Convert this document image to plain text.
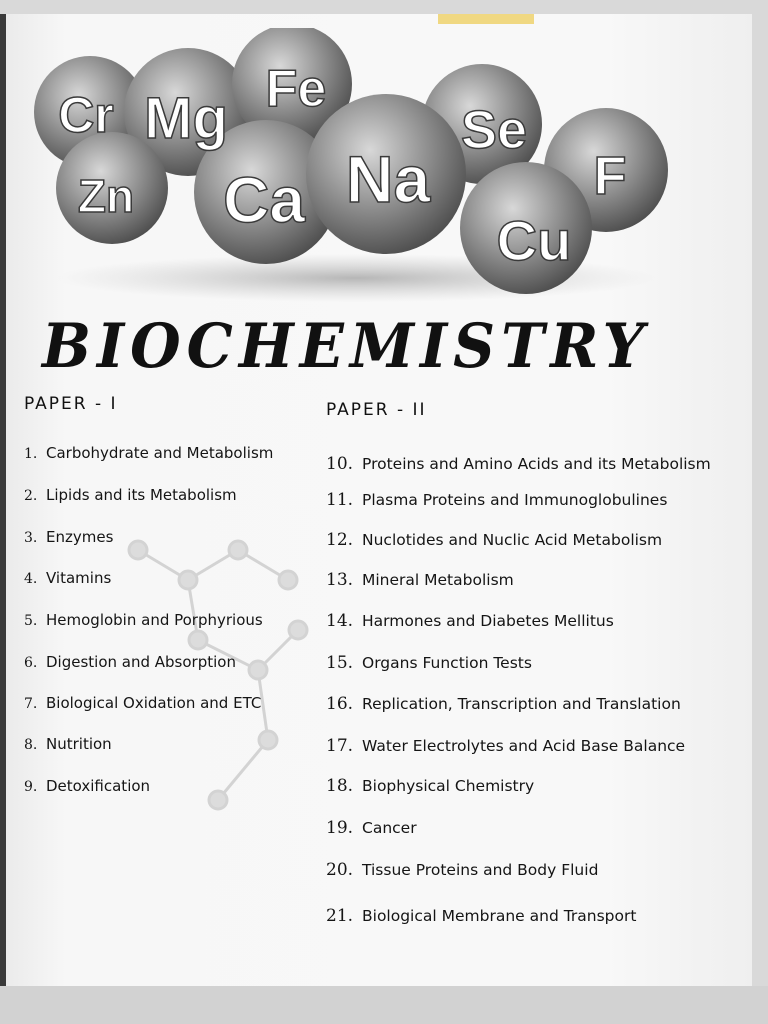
Cr Mg Fe
Se
Zn Ca Na	F
Cu
BIOCHEMISTRY
PAPER - I	PAPER - II
1. Carbohydrate and Metabolism
2. Lipids and its Metabolism
3. Enzymes
4. Vitamins
5. Hemoglobin and Porphyrious
6. Digestion and Absorption
7. Biological Oxidation and ETC
8. Nutrition
9. Detoxification
10. Proteins and Amino Acids and its Metabolism
11. Plasma Proteins and Immunoglobulines
12. Nuclotides and Nuclic Acid Metabolism
13. Mineral Metabolism
14. Harmones and Diabetes Mellitus
15. Organs Function Tests
16. Replication, Transcription and Translation
17. Water Electrolytes and Acid Base Balance
18. Biophysical Chemistry
19. Cancer
20. Tissue Proteins and Body Fluid
21. Biological Membrane and Transport
